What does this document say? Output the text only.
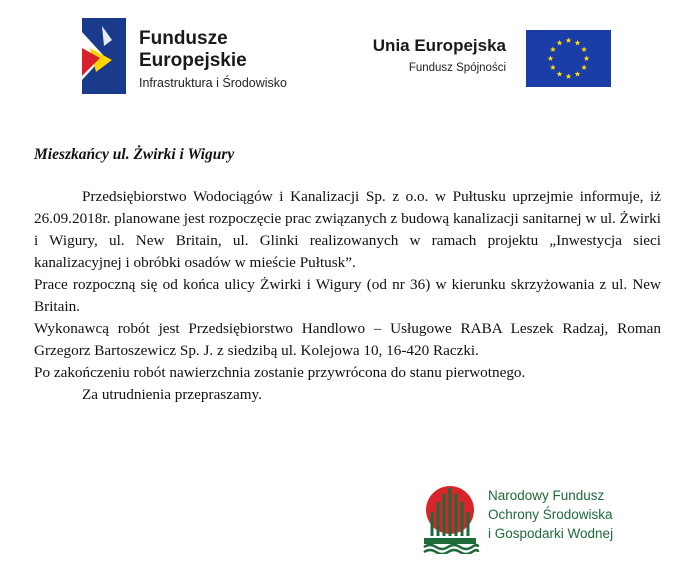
Fundusze
Europejskie
Infrastruktura i Środowisko
Unia Europejska
Fundusz Spójności
Mieszkańcy ul. Żwirki i Wigury

Przedsiębiorstwo Wodociągów i Kanalizacji Sp. z o.o. w Pułtusku uprzejmie informuje, iż 26.09.2018r. planowane jest rozpoczęcie prac związanych z budową kanalizacji sanitarnej w ul. Żwirki i Wigury, ul. New Britain, ul. Glinki realizowanych w ramach projektu „Inwestycja sieci kanalizacyjnej i obróbki osadów w mieście Pułtusk”.

Prace rozpoczną się od końca ulicy Żwirki i Wigury (od nr 36) w kierunku skrzyżowania z ul. New Britain.

Wykonawcą robót jest Przedsiębiorstwo Handlowo – Usługowe RABA Leszek Radzaj, Roman Grzegorz Bartoszewicz Sp. J. z siedzibą ul. Kolejowa 10, 16-420 Raczki.

Po zakończeniu robót nawierzchnia zostanie przywrócona do stanu pierwotnego.

Za utrudnienia przepraszamy.

Narodowy Fundusz
Ochrony Środowiska
i Gospodarki Wodnej
